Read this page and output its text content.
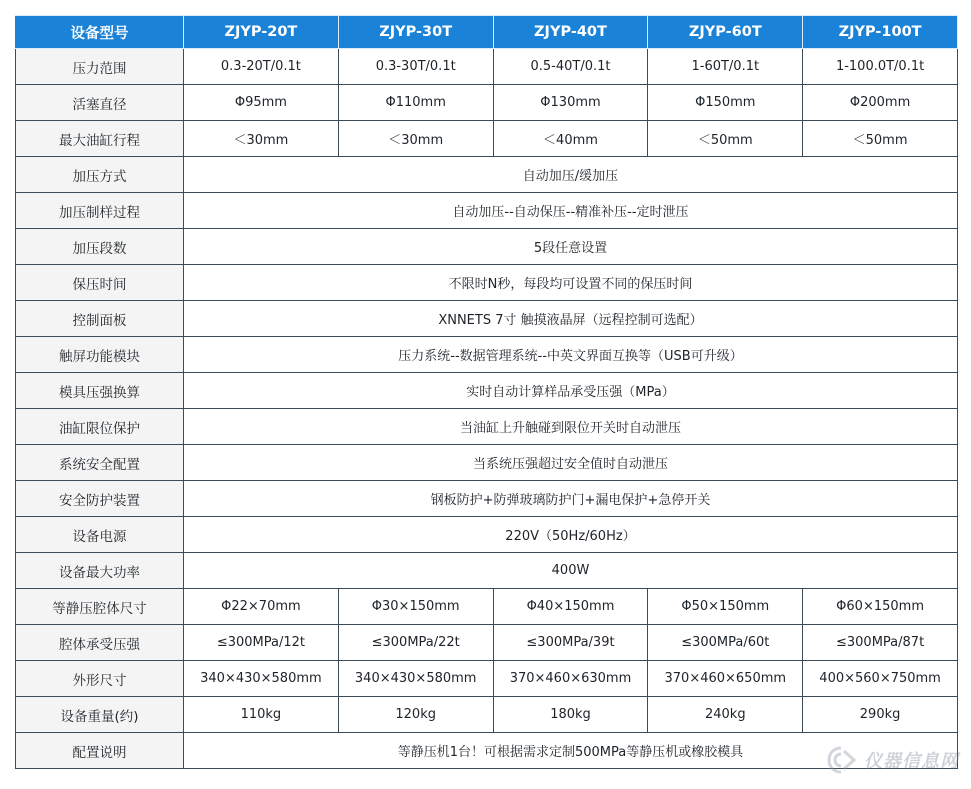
设备型号	ZJYP-20T	ZJYP-30T	ZJYP-40T	ZJYP-60T	ZJYP-100T
压力范围	0.3-20T/0.1t	0.3-30T/0.1t	0.5-40T/0.1t	1-60T/0.1t	1-100.0T/0.1t
活塞直径	Φ95mm	Φ110mm	Φ130mm	Φ150mm	Φ200mm
最大油缸行程	＜30mm	＜30mm	＜40mm	＜50mm	＜50mm
加压方式	自动加压/缓加压				
加压制样过程	自动加压--自动保压--精准补压--定时泄压				
加压段数	5段任意设置				
保压时间	不限时N秒，每段均可设置不同的保压时间				
控制面板	XNNETS 7寸 触摸液晶屏（远程控制可选配）				
触屏功能模块	压力系统--数据管理系统--中英文界面互换等（USB可升级）				
模具压强换算	实时自动计算样品承受压强（MPa）				
油缸限位保护	当油缸上升触碰到限位开关时自动泄压				
系统安全配置	当系统压强超过安全值时自动泄压				
安全防护装置	钢板防护+防弹玻璃防护门+漏电保护+急停开关				
设备电源	220V（50Hz/60Hz）				
设备最大功率	400W				
等静压腔体尺寸	Φ22×70mm	Φ30×150mm	Φ40×150mm	Φ50×150mm	Φ60×150mm
腔体承受压强	≤300MPa/12t	≤300MPa/22t	≤300MPa/39t	≤300MPa/60t	≤300MPa/87t
外形尺寸	340×430×580mm	340×430×580mm	370×460×630mm	370×460×650mm	400×560×750mm
设备重量(约)	110kg	120kg	180kg	240kg	290kg
配置说明	等静压机1台！可根据需求定制500MPa等静压机或橡胶模具					仪器信息网
